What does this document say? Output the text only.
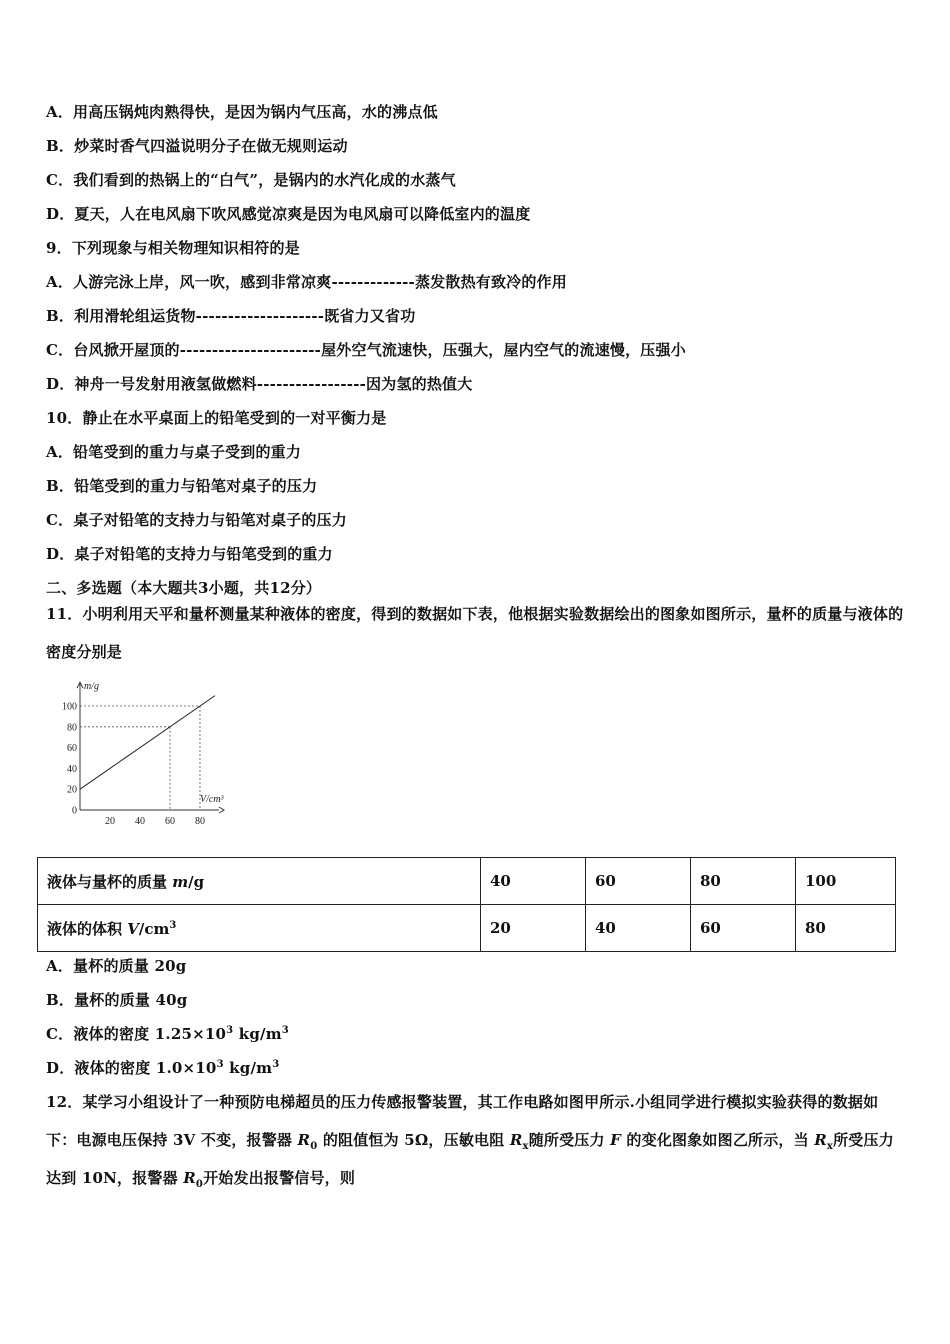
A．用高压锅炖肉熟得快，是因为锅内气压高，水的沸点低
B．炒菜时香气四溢说明分子在做无规则运动
C．我们看到的热锅上的“白气”，是锅内的水汽化成的水蒸气
D．夏天，人在电风扇下吹风感觉凉爽是因为电风扇可以降低室内的温度
9．下列现象与相关物理知识相符的是
A．人游完泳上岸，风一吹，感到非常凉爽-------------蒸发散热有致冷的作用
B．利用滑轮组运货物--------------------既省力又省功
C．台风掀开屋顶的----------------------屋外空气流速快，压强大，屋内空气的流速慢，压强小
D．神舟一号发射用液氢做燃料-----------------因为氢的热值大
10．静止在水平桌面上的铅笔受到的一对平衡力是
A．铅笔受到的重力与桌子受到的重力
B．铅笔受到的重力与铅笔对桌子的压力
C．桌子对铅笔的支持力与铅笔对桌子的压力
D．桌子对铅笔的支持力与铅笔受到的重力
二、多选题（本大题共3小题，共12分）
11．小明利用天平和量杯测量某种液体的密度，得到的数据如下表，他根据实验数据绘出的图象如图所示，量杯的质量与液体的密度分别是
0
20
40
60
80
100
20 40 60 80
m/g
V/cm³
液体与量杯的质量 m/g	40	60	80	100
液体的体积 $V/cm^3$	20	40	60	80
A．量杯的质量 20g
B．量杯的质量 40g
C．液体的密度 $1.25\times 10^3$ $kg/m^3$
D．液体的密度 $1.0\times 10^3$ $kg/m^3$
12．某学习小组设计了一种预防电梯超员的压力传感报警装置，其工作电路如图甲所示.小组同学进行模拟实验获得的数据如下：电源电压保持 3V 不变，报警器 $R_0$ 的阻值恒为 5Ω，压敏电阻 $R_x$随所受压力 F 的变化图象如图乙所示，当 $R_x$所受压力达到 10N，报警器 $R_0$开始发出报警信号，则
